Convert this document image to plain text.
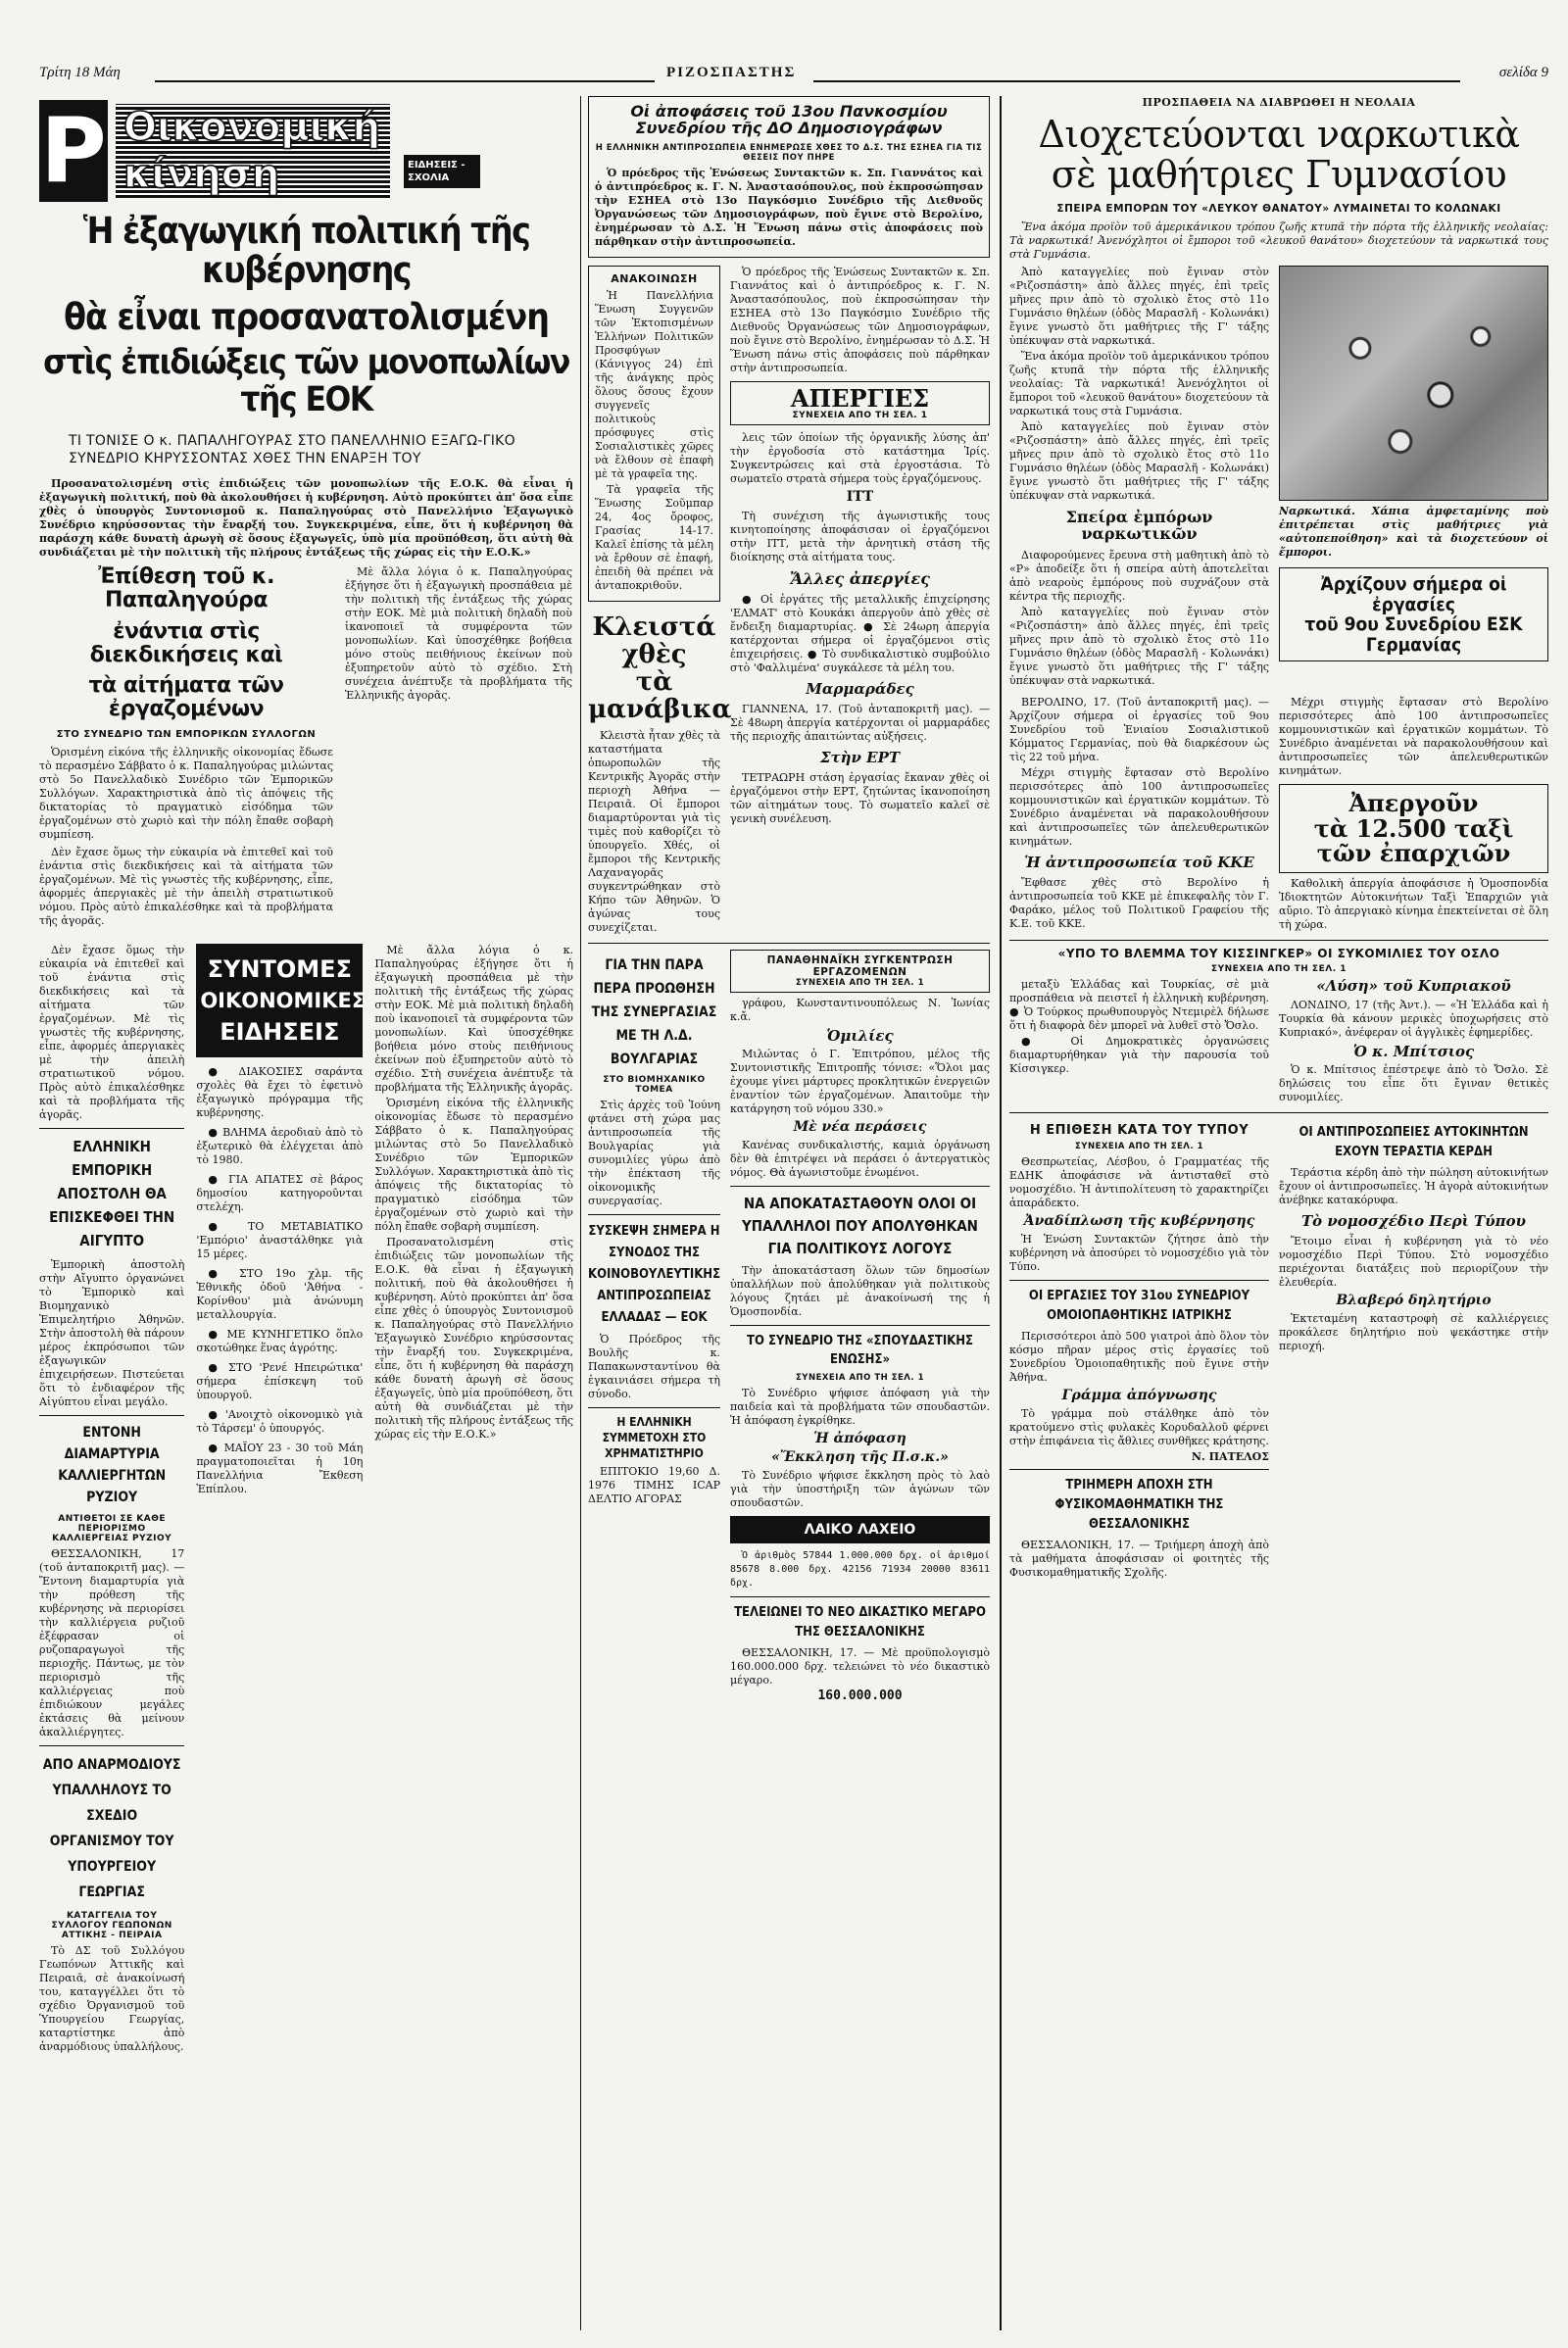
Τρίτη 18 Μάη	ΡΙΖΟΣΠΑΣΤΗΣ	σελίδα 9
Ρ Οικονομική κίνηση	ΕΙΔΗΣΕΙΣ - ΣΧΟΛΙΑ
Ἡ ἐξαγωγική πολιτική τῆς κυβέρνησης
θὰ εἶναι προσανατολισμένη
στὶς ἐπιδιώξεις τῶν μονοπωλίων τῆς ΕΟΚ
ΤΙ ΤΟΝΙΣΕ Ο κ. ΠΑΠΑΛΗΓΟΥΡΑΣ ΣΤΟ ΠΑΝΕΛΛΗΝΙΟ ΕΞΑΓΩ-ΓΙΚΟ ΣΥΝΕΔΡΙΟ ΚΗΡΥΣΣΟΝΤΑΣ ΧΘΕΣ ΤΗΝ ΕΝΑΡΞΗ ΤΟΥ

Προσανατολισμένη στὶς ἐπιδιώξεις τῶν μονοπωλίων τῆς Ε.Ο.Κ. θὰ εἶναι ἡ ἐξαγωγικὴ πολιτική, ποὺ θὰ ἀκολουθήσει ἡ κυβέρνηση. Αὐτὸ προκύπτει ἀπ' ὅσα εἶπε χθὲς ὁ ὑπουργὸς Συντονισμοῦ κ. Παπαληγούρας στὸ Πανελλήνιο Ἐξαγωγικὸ Συνέδριο κηρύσσοντας τὴν ἔναρξή του. Συγκεκριμένα, εἶπε, ὅτι ἡ κυβέρνηση θὰ παράσχη κάθε δυνατὴ ἀρωγὴ σὲ ὅσους ἐξαγωγεῖς, ὑπὸ μία προϋπόθεση, ὅτι αὐτὴ θὰ συνδιάζεται μὲ τὴν πολιτικὴ τῆς πλήρους ἐντάξεως τῆς χώρας εἰς τὴν Ε.Ο.Κ.»

Ἐπίθεση τοῦ κ. Παπαληγούρα
ἐνάντια στὶς διεκδικήσεις καὶ
τὰ αἰτήματα τῶν ἐργαζομένων
ΣΤΟ ΣΥΝΕΔΡΙΟ ΤΩΝ ΕΜΠΟΡΙΚΩΝ ΣΥΛΛΟΓΩΝ

Ὁρισμένη εἰκόνα τῆς ἑλληνικῆς οἰκονομίας ἔδωσε τὸ περασμένο Σάββατο ὁ κ. Παπαληγούρας μιλώντας στὸ 5ο Πανελλαδικὸ Συνέδριο τῶν Ἐμπορικῶν Συλλόγων. Χαρακτηριστικὰ ἀπὸ τὶς ἀπόψεις τῆς δικτατορίας τὸ πραγματικὸ εἰσόδημα τῶν ἐργαζομένων στὸ χωριὸ καὶ τὴν πόλη ἔπαθε σοβαρὴ συμπίεση.

Δὲν ἔχασε ὅμως τὴν εὐκαιρία νὰ ἐπιτεθεῖ καὶ τοῦ ἐνάντια στὶς διεκδικήσεις καὶ τὰ αἰτήματα τῶν ἐργαζομένων. Μὲ τὶς γνωστὲς τῆς κυβέρνησης, εἶπε, ἀφορμές ἀπεργιακὲς μὲ τὴν ἀπειλὴ στρατιωτικοῦ νόμου. Πρὸς αὐτὸ ἐπικαλέσθηκε καὶ τὰ προβλήματα τῆς ἀγορᾶς.

Μὲ ἄλλα λόγια ὁ κ. Παπαληγούρας ἐξήγησε ὅτι ἡ ἐξαγωγικὴ προσπάθεια μὲ τὴν πολιτικὴ τῆς ἐντάξεως τῆς χώρας στὴν ΕΟΚ. Μὲ μιὰ πολιτικὴ δηλαδὴ ποὺ ἱκανοποιεῖ τὰ συμφέροντα τῶν μονοπωλίων. Καὶ ὑποσχέθηκε βοήθεια μόνο στοὺς πειθήνιους ἐκείνων ποὺ ἐξυπηρετοῦν αὐτὸ τὸ σχέδιο. Στὴ συνέχεια ἀνέπτυξε τὰ προβλήματα τῆς Ἑλληνικῆς ἀγορᾶς.

Δὲν ἔχασε ὅμως τὴν εὐκαιρία νὰ ἐπιτεθεῖ καὶ τοῦ ἐνάντια στὶς διεκδικήσεις καὶ τὰ αἰτήματα τῶν ἐργαζομένων. Μὲ τὶς γνωστὲς τῆς κυβέρνησης, εἶπε, ἀφορμές ἀπεργιακὲς μὲ τὴν ἀπειλὴ στρατιωτικοῦ νόμου. Πρὸς αὐτὸ ἐπικαλέσθηκε καὶ τὰ προβλήματα τῆς ἀγορᾶς.

ΕΛΛΗΝΙΚΗ ΕΜΠΟΡΙΚΗ ΑΠΟΣΤΟΛΗ ΘΑ ΕΠΙΣΚΕΦΘΕΙ ΤΗΝ ΑΙΓΥΠΤΟ

Ἐμπορικὴ ἀποστολὴ στὴν Αἴγυπτο ὀργανώνει τὸ Ἐμπορικὸ καὶ Βιομηχανικὸ Ἐπιμελητήριο Ἀθηνῶν. Στὴν ἀποστολὴ θὰ πάρουν μέρος ἐκπρόσωποι τῶν ἐξαγωγικῶν ἐπιχειρήσεων. Πιστεύεται ὅτι τὸ ἐνδιαφέρον τῆς Αἰγύπτου εἶναι μεγάλο.

ΕΝΤΟΝΗ ΔΙΑΜΑΡΤΥΡΙΑ ΚΑΛΛΙΕΡΓΗΤΩΝ ΡΥΖΙΟΥ
ΑΝΤΙΘΕΤΟΙ ΣΕ ΚΑΘΕ ΠΕΡΙΟΡΙΣΜΟ ΚΑΛΛΙΕΡΓΕΙΑΣ ΡΥΖΙΟΥ

ΘΕΣΣΑΛΟΝΙΚΗ, 17 (τοῦ ἀνταποκριτῆ μας). — Ἔντονη διαμαρτυρία γιὰ τὴν πρόθεση τῆς κυβέρνησης νὰ περιορίσει τὴν καλλιέργεια ρυζιοῦ ἐξέφρασαν οἱ ρυζοπαραγωγοὶ τῆς περιοχῆς. Πάντως, με τὸν περιορισμὸ τῆς καλλιέργειας ποὺ ἐπιδιώκουν μεγάλες ἐκτάσεις θὰ μείνουν ἀκαλλιέργητες.

ΑΠΟ ΑΝΑΡΜΟΔΙΟΥΣ ΥΠΑΛΛΗΛΟΥΣ ΤΟ ΣΧΕΔΙΟ ΟΡΓΑΝΙΣΜΟΥ ΤΟΥ ΥΠΟΥΡΓΕΙΟΥ ΓΕΩΡΓΙΑΣ
ΚΑΤΑΓΓΕΛΙΑ ΤΟΥ ΣΥΛΛΟΓΟΥ ΓΕΩΠΟΝΩΝ ΑΤΤΙΚΗΣ - ΠΕΙΡΑΙΑ

Τὸ ΔΣ τοῦ Συλλόγου Γεωπόνων Ἀττικῆς καὶ Πειραιᾶ, σὲ ἀνακοίνωσή του, καταγγέλλει ὅτι τὸ σχέδιο Ὀργανισμοῦ τοῦ Ὑπουργείου Γεωργίας, καταρτίστηκε ἀπὸ ἀναρμόδιους ὑπαλλήλους.

ΣΥΝΤΟΜΕΣ
ΟΙΚΟΝΟΜΙΚΕΣ
ΕΙΔΗΣΕΙΣ

● ΔΙΑΚΟΣΙΕΣ σαράντα σχολὲς θὰ ἔχει τὸ ἐφετινὸ ἐξαγωγικὸ πρόγραμμα τῆς κυβέρνησης.

● ΒΛΗΜΑ ἀεροδιαὺ ἀπὸ τὸ ἐξωτερικὸ θὰ ἐλέγχεται ἀπὸ τὸ 1980.

● ΓΙΑ ΑΠΑΤΕΣ σὲ βάρος δημοσίου κατηγοροῦνται στελέχη.

● ΤΟ ΜΕΤΑΒΙΑΤΙΚΟ 'Εμπόριο' ἀναστάλθηκε γιὰ 15 μέρες.

● ΣΤΟ 19ο χλμ. τῆς Ἐθνικῆς ὁδοῦ 'Ἀθήνα - Κορίνθου' μιὰ ἀνώνυμη μεταλλουργία.

● ΜΕ ΚΥΝΗΓΕΤΙΚΟ ὅπλο σκοτώθηκε ἕνας ἀγρότης.

● ΣΤΟ 'Ρενέ Ηπειρώτικα' σήμερα ἐπίσκεψη τοῦ ὑπουργοῦ.

● 'Ανοιχτὸ οἰκονομικὸ γιὰ τὸ Τάρσεμ' ὁ ὑπουργός.

● ΜΑΪΟΥ 23 - 30 τοῦ Μάη πραγματοποιεῖται ἡ 10η Πανελλήνια Ἔκθεση Ἐπίπλου.

Μὲ ἄλλα λόγια ὁ κ. Παπαληγούρας ἐξήγησε ὅτι ἡ ἐξαγωγικὴ προσπάθεια μὲ τὴν πολιτικὴ τῆς ἐντάξεως τῆς χώρας στὴν ΕΟΚ. Μὲ μιὰ πολιτικὴ δηλαδὴ ποὺ ἱκανοποιεῖ τὰ συμφέροντα τῶν μονοπωλίων. Καὶ ὑποσχέθηκε βοήθεια μόνο στοὺς πειθήνιους ἐκείνων ποὺ ἐξυπηρετοῦν αὐτὸ τὸ σχέδιο. Στὴ συνέχεια ἀνέπτυξε τὰ προβλήματα τῆς Ἑλληνικῆς ἀγορᾶς.

Ὁρισμένη εἰκόνα τῆς ἑλληνικῆς οἰκονομίας ἔδωσε τὸ περασμένο Σάββατο ὁ κ. Παπαληγούρας μιλώντας στὸ 5ο Πανελλαδικὸ Συνέδριο τῶν Ἐμπορικῶν Συλλόγων. Χαρακτηριστικὰ ἀπὸ τὶς ἀπόψεις τῆς δικτατορίας τὸ πραγματικὸ εἰσόδημα τῶν ἐργαζομένων στὸ χωριὸ καὶ τὴν πόλη ἔπαθε σοβαρὴ συμπίεση.

Προσανατολισμένη στὶς ἐπιδιώξεις τῶν μονοπωλίων τῆς Ε.Ο.Κ. θὰ εἶναι ἡ ἐξαγωγικὴ πολιτική, ποὺ θὰ ἀκολουθήσει ἡ κυβέρνηση. Αὐτὸ προκύπτει ἀπ' ὅσα εἶπε χθὲς ὁ ὑπουργὸς Συντονισμοῦ κ. Παπαληγούρας στὸ Πανελλήνιο Ἐξαγωγικὸ Συνέδριο κηρύσσοντας τὴν ἔναρξή του. Συγκεκριμένα, εἶπε, ὅτι ἡ κυβέρνηση θὰ παράσχη κάθε δυνατὴ ἀρωγὴ σὲ ὅσους ἐξαγωγεῖς, ὑπὸ μία προϋπόθεση, ὅτι αὐτὴ θὰ συνδιάζεται μὲ τὴν πολιτικὴ τῆς πλήρους ἐντάξεως τῆς χώρας εἰς τὴν Ε.Ο.Κ.»

Οἱ ἀποφάσεις τοῦ 13ου Πανκοσμίου
Συνεδρίου τῆς ΔΟ Δημοσιογράφων
Η ΕΛΛΗΝΙΚΗ ΑΝΤΙΠΡΟΣΩΠΕΙΑ ΕΝΗΜΕΡΩΣΕ ΧΘΕΣ ΤΟ Δ.Σ. ΤΗΣ ΕΣΗΕΑ ΓΙΑ ΤΙΣ ΘΕΣΕΙΣ ΠΟΥ ΠΗΡΕ

Ὁ πρόεδρος τῆς Ἑνώσεως Συντακτῶν κ. Σπ. Γιαννάτος καὶ ὁ ἀντιπρόεδρος κ. Γ. Ν. Ἀναστασόπουλος, ποὺ ἐκπροσώπησαν τὴν ΕΣΗΕΑ στὸ 13ο Παγκόσμιο Συνέδριο τῆς Διεθνοῦς Ὀργανώσεως τῶν Δημοσιογράφων, ποὺ ἔγινε στὸ Βερολίνο, ἐνημέρωσαν τὸ Δ.Σ. Ἡ Ἕνωση πάνω στὶς ἀποφάσεις ποὺ πάρθηκαν στὴν ἀντιπροσωπεία.

ΑΝΑΚΟΙΝΩΣΗ

Ἡ Πανελλήνια Ἕνωση Συγγενῶν τῶν Ἐκτοπισμένων Ἑλλήνων Πολιτικῶν Προσφύγων (Κάνιγγος 24) ἐπὶ τῆς ἀνάγκης πρὸς ὅλους ὅσους ἔχουν συγγενεῖς πολιτικοὺς πρόσφυγες στὶς Σοσιαλιστικὲς χῶρες νὰ ἔλθουν σὲ ἐπαφὴ μὲ τὰ γραφεῖα της.

Τὰ γραφεῖα τῆς Ἕνωσης Σοῦμπαρ 24, 4ος ὄροφος, Γρασίας 14-17. Καλεῖ ἐπίσης τὰ μέλη νὰ ἔρθουν σὲ ἐπαφή, ἐπειδὴ θὰ πρέπει νὰ ἀνταποκριθοῦν.

Κλειστά χθὲς
τὰ μανάβικα

Κλειστὰ ἦταν χθὲς τὰ καταστήματα ὀπωροπωλῶν τῆς Κεντρικῆς Ἀγορᾶς στὴν περιοχὴ Ἀθήνα — Πειραιᾶ. Οἱ ἔμποροι διαμαρτύρονται γιὰ τὶς τιμὲς ποὺ καθορίζει τὸ ὑπουργεῖο. Χθές, οἱ ἔμποροι τῆς Κεντρικῆς Λαχαναγορᾶς συγκεντρώθηκαν στὸ Κήπο τῶν Ἀθηνῶν. Ὁ ἀγώνας τους συνεχίζεται.

Ὁ πρόεδρος τῆς Ἑνώσεως Συντακτῶν κ. Σπ. Γιαννάτος καὶ ὁ ἀντιπρόεδρος κ. Γ. Ν. Ἀναστασόπουλος, ποὺ ἐκπροσώπησαν τὴν ΕΣΗΕΑ στὸ 13ο Παγκόσμιο Συνέδριο τῆς Διεθνοῦς Ὀργανώσεως τῶν Δημοσιογράφων, ποὺ ἔγινε στὸ Βερολίνο, ἐνημέρωσαν τὸ Δ.Σ. Ἡ Ἕνωση πάνω στὶς ἀποφάσεις ποὺ πάρθηκαν στὴν ἀντιπροσωπεία.

ΑΠΕΡΓΙΕΣ
ΣΥΝΕΧΕΙΑ ΑΠΟ ΤΗ ΣΕΛ. 1

λεις τῶν ὁποίων τῆς ὀργανικῆς λύσης ἀπ' τὴν ἐργοδοσία στὸ κατάστημα Ἰρίς. Συγκεντρώσεις καὶ στὰ ἐργοστάσια. Τὸ σωματεῖο στρατὰ σήμερα τοὺς ἐργαζόμενους.

ΙΤΤ

Τὴ συνέχιση τῆς ἀγωνιστικῆς τους κινητοποίησης ἀποφάσισαν οἱ ἐργαζόμενοι στὴν ΙΤΤ, μετὰ τὴν ἀρνητικὴ στάση τῆς διοίκησης στὰ αἰτήματα τους.

Ἄλλες ἀπεργίες

● Οἱ ἐργάτες τῆς μεταλλικῆς ἐπιχείρησης 'ΕΛΜΑΤ' στὸ Κουκάκι ἀπεργοῦν ἀπὸ χθὲς σὲ ἔνδειξη διαμαρτυρίας. ● Σὲ 24ωρη ἀπεργία κατέρχονται σήμερα οἱ ἐργαζόμενοι στὶς ἐπιχειρήσεις. ● Τὸ συνδικαλιστικὸ συμβούλιο στὸ 'Φαλλιμένα' συγκάλεσε τὰ μέλη του.

Μαρμαράδες

ΓΙΑΝΝΕΝΑ, 17. (Τοῦ ἀνταποκριτῆ μας). — Σὲ 48ωρη ἀπεργία κατέρχονται οἱ μαρμαράδες τῆς περιοχῆς ἀπαιτώντας αὐξήσεις.

Στὴν ΕΡΤ

ΤΕΤΡΑΩΡΗ στάση ἐργασίας ἔκαναν χθὲς οἱ ἐργαζόμενοι στὴν ΕΡΤ, ζητώντας ἱκανοποίηση τῶν αἰτημάτων τους. Τὸ σωματεῖο καλεῖ σὲ γενικὴ συνέλευση.

ΓΙΑ ΤΗΝ ΠΑΡΑ ΠΕΡΑ ΠΡΟΩΘΗΣΗ ΤΗΣ ΣΥΝΕΡΓΑΣΙΑΣ ΜΕ ΤΗ Λ.Δ. ΒΟΥΛΓΑΡΙΑΣ
ΣΤΟ ΒΙΟΜΗΧΑΝΙΚΟ ΤΟΜΕΑ

Στὶς ἀρχὲς τοῦ Ἰούνη φτάνει στὴ χώρα μας ἀντιπροσωπεία τῆς Βουλγαρίας γιὰ συνομιλίες γύρω ἀπὸ τὴν ἐπέκταση τῆς οἰκονομικῆς συνεργασίας.

ΣΥΣΚΕΨΗ ΣΗΜΕΡΑ Η ΣΥΝΟΔΟΣ ΤΗΣ ΚΟΙΝΟΒΟΥΛΕΥΤΙΚΗΣ ΑΝΤΙΠΡΟΣΩΠΕΙΑΣ ΕΛΛΑΔΑΣ — ΕΟΚ

Ὁ Πρόεδρος τῆς Βουλῆς κ. Παπακωνσταντίνου θὰ ἐγκαινιάσει σήμερα τὴ σύνοδο.

Η ΕΛΛΗΝΙΚΗ ΣΥΜΜΕΤΟΧΗ ΣΤΟ ΧΡΗΜΑΤΙΣΤΗΡΙΟ

ΕΠΙΤΟΚΙΟ 19,60 Δ. 1976 ΤΙΜΗΣ ICAP ΔΕΛΤΙΟ ΑΓΟΡΑΣ

ΠΑΝΑΘΗΝΑΪΚΗ ΣΥΓΚΕΝΤΡΩΣΗ ΕΡΓΑΖΟΜΕΝΩΝ
ΣΥΝΕΧΕΙΑ ΑΠΟ ΤΗ ΣΕΛ. 1

γράφου, Κωνσταντινουπόλεως Ν. Ἰωνίας κ.ἄ.

Ὁμιλίες

Μιλώντας ὁ Γ. Ἐπιτρόπου, μέλος τῆς Συντονιστικῆς Ἐπιτροπῆς τόνισε: «Ὅλοι μας ἐχουμε γίνει μάρτυρες προκλητικῶν ἐνεργειῶν ἐναντίον τῶν ἐργαζομένων. Ἀπαιτοῦμε τὴν κατάργηση τοῦ νόμου 330.»

Μὲ νέα περάσεις

Κανένας συνδικαλιστής, καμιὰ ὀργάνωση δὲν θὰ ἐπιτρέψει νὰ περάσει ὁ ἀντεργατικὸς νόμος. Θὰ ἀγωνιστοῦμε ἑνωμένοι.

ΝΑ ΑΠΟΚΑΤΑΣΤΑΘΟΥΝ ΟΛΟΙ ΟΙ ΥΠΑΛΛΗΛΟΙ ΠΟΥ ΑΠΟΛΥΘΗΚΑΝ ΓΙΑ ΠΟΛΙΤΙΚΟΥΣ ΛΟΓΟΥΣ

Τὴν ἀποκατάσταση ὅλων τῶν δημοσίων ὑπαλλήλων ποὺ ἀπολύθηκαν γιὰ πολιτικοὺς λόγους ζητάει μὲ ἀνακοίνωσή της ἡ Ὁμοσπονδία.

ΤΟ ΣΥΝΕΔΡΙΟ ΤΗΣ «ΣΠΟΥΔΑΣΤΙΚΗΣ ΕΝΩΣΗΣ»
ΣΥΝΕΧΕΙΑ ΑΠΟ ΤΗ ΣΕΛ. 1

Τὸ Συνέδριο ψήφισε ἀπόφαση γιὰ τὴν παιδεία καὶ τὰ προβλήματα τῶν σπουδαστῶν. Ἡ ἀπόφαση ἐγκρίθηκε.

Ἡ ἀπόφαση
«Ἔκκληση τῆς Π.σ.κ.»

Τὸ Συνέδριο ψήφισε ἔκκληση πρὸς τὸ λαὸ γιὰ τὴν ὑποστήριξη τῶν ἀγώνων τῶν σπουδαστῶν.

ΛΑΙΚΟ ΛΑΧΕΙΟ

Ὁ ἀριθμὸς 57844 1.000.000 δρχ. οἱ ἀριθμοί 85678 8.000 δρχ. 42156 71934 20000 83611 δρχ.

ΤΕΛΕΙΩΝΕΙ ΤΟ ΝΕΟ ΔΙΚΑΣΤΙΚΟ ΜΕΓΑΡΟ ΤΗΣ ΘΕΣΣΑΛΟΝΙΚΗΣ

ΘΕΣΣΑΛΟΝΙΚΗ, 17. — Μὲ προϋπολογισμὸ 160.000.000 δρχ. τελειώνει τὸ νέο δικαστικὸ μέγαρο.

160.000.000
ΠΡΟΣΠΑΘΕΙΑ ΝΑ ΔΙΑΒΡΩΘΕΙ Η ΝΕΟΛΑΙΑ
Διοχετεύονται ναρκωτικὰ
σὲ μαθήτριες Γυμνασίου
ΣΠΕΙΡΑ ΕΜΠΟΡΩΝ ΤΟΥ «ΛΕΥΚΟΥ ΘΑΝΑΤΟΥ» ΛΥΜΑΙΝΕΤΑΙ ΤΟ ΚΟΛΩΝΑΚΙ

Ἕνα ἀκόμα προϊὸν τοῦ ἀμερικάνικου τρόπου ζωῆς κτυπᾶ τὴν πόρτα τῆς ἑλληνικῆς νεολαίας: Τὰ ναρκωτικά! Ἀνενόχλητοι οἱ ἔμποροι τοῦ «λευκοῦ θανάτου» διοχετεύουν τὰ ναρκωτικά τους στὰ Γυμνάσια.

Ἀπὸ καταγγελίες ποὺ ἔγιναν στὸν «Ριζοσπάστη» ἀπὸ ἄλλες πηγές, ἐπὶ τρεῖς μῆνες πριν ἀπὸ τὸ σχολικὸ ἔτος στὸ 11ο Γυμνάσιο θηλέων (ὁδὸς Μαρασλῆ - Κολωνάκι) ἔγινε γνωστὸ ὅτι μαθήτριες τῆς Γ' τάξης ὑπέκυψαν στὰ ναρκωτικά.

Ἕνα ἀκόμα προϊὸν τοῦ ἀμερικάνικου τρόπου ζωῆς κτυπᾶ τὴν πόρτα τῆς ἑλληνικῆς νεολαίας: Τὰ ναρκωτικά! Ἀνενόχλητοι οἱ ἔμποροι τοῦ «λευκοῦ θανάτου» διοχετεύουν τὰ ναρκωτικά τους στὰ Γυμνάσια.

Ἀπὸ καταγγελίες ποὺ ἔγιναν στὸν «Ριζοσπάστη» ἀπὸ ἄλλες πηγές, ἐπὶ τρεῖς μῆνες πριν ἀπὸ τὸ σχολικὸ ἔτος στὸ 11ο Γυμνάσιο θηλέων (ὁδὸς Μαρασλῆ - Κολωνάκι) ἔγινε γνωστὸ ὅτι μαθήτριες τῆς Γ' τάξης ὑπέκυψαν στὰ ναρκωτικά.

Σπείρα ἐμπόρων ναρκωτικῶν

Διαφορούμενες ἔρευνα στὴ μαθητικὴ ἀπὸ τὸ «Ρ» ἀποδείξε ὅτι ἡ σπείρα αὐτὴ ἀποτελεῖται ἀπὸ νεαροὺς ἐμπόρους ποὺ συχνάζουν στὰ κέντρα τῆς περιοχῆς.

Ἀπὸ καταγγελίες ποὺ ἔγιναν στὸν «Ριζοσπάστη» ἀπὸ ἄλλες πηγές, ἐπὶ τρεῖς μῆνες πριν ἀπὸ τὸ σχολικὸ ἔτος στὸ 11ο Γυμνάσιο θηλέων (ὁδὸς Μαρασλῆ - Κολωνάκι) ἔγινε γνωστὸ ὅτι μαθήτριες τῆς Γ' τάξης ὑπέκυψαν στὰ ναρκωτικά.

Ναρκωτικά. Χάπια ἀμφεταμίνης ποὺ ἐπιτρέπεται στὶς μαθήτριες γιὰ «αὐτοπεποίθηση» καὶ τὰ διοχετεύουν οἱ ἔμποροι.

Ἀρχίζουν σήμερα οἱ ἐργασίες
τοῦ 9ου Συνεδρίου ΕΣΚ Γερμανίας

ΒΕΡΟΛΙΝΟ, 17. (Τοῦ ἀνταποκριτῆ μας). — Ἀρχίζουν σήμερα οἱ ἐργασίες τοῦ 9ου Συνεδρίου τοῦ Ἑνιαίου Σοσιαλιστικοῦ Κόμματος Γερμανίας, ποὺ θὰ διαρκέσουν ὡς τὶς 22 τοῦ μήνα.

Μέχρι στιγμὴς ἔφτασαν στὸ Βερολίνο περισσότερες ἀπὸ 100 ἀντιπροσωπεῖες κομμουνιστικῶν καὶ ἐργατικῶν κομμάτων. Τὸ Συνέδριο ἀναμένεται νὰ παρακολουθήσουν καὶ ἀντιπροσωπεῖες τῶν ἀπελευθερωτικῶν κινημάτων.

Ἡ ἀντιπροσωπεία τοῦ ΚΚΕ

Ἔφθασε χθὲς στὸ Βερολίνο ἡ ἀντιπροσωπεία τοῦ ΚΚΕ μὲ ἐπικεφαλῆς τὸν Γ. Φαράκο, μέλος τοῦ Πολιτικοῦ Γραφείου τῆς Κ.Ε. τοῦ ΚΚΕ.

Μέχρι στιγμὴς ἔφτασαν στὸ Βερολίνο περισσότερες ἀπὸ 100 ἀντιπροσωπεῖες κομμουνιστικῶν καὶ ἐργατικῶν κομμάτων. Τὸ Συνέδριο ἀναμένεται νὰ παρακολουθήσουν καὶ ἀντιπροσωπεῖες τῶν ἀπελευθερωτικῶν κινημάτων.

Ἀπεργοῦν
τὰ 12.500 ταξὶ
τῶν ἐπαρχιῶν

Καθολικὴ ἀπεργία ἀποφάσισε ἡ Ὁμοσπονδία Ἰδιοκτητῶν Αὐτοκινήτων Ταξὶ Ἐπαρχιῶν γιὰ αὔριο. Τὸ ἀπεργιακὸ κίνημα ἐπεκτείνεται σὲ ὅλη τὴ χώρα.

«ΥΠΟ ΤΟ ΒΛΕΜΜΑ ΤΟΥ ΚΙΣΣΙΝΓΚΕΡ» ΟΙ ΣΥΚΟΜΙΛΙΕΣ ΤΟΥ ΟΣΛΟ
ΣΥΝΕΧΕΙΑ ΑΠΟ ΤΗ ΣΕΛ. 1

μεταξὺ Ἑλλάδας καὶ Τουρκίας, σὲ μιὰ προσπάθεια νὰ πειστεῖ ἡ ἑλληνικὴ κυβέρνηση. ● Ὁ Τούρκος πρωθυπουργὸς Ντεμιρὲλ δήλωσε ὅτι ἡ διαφορὰ δὲν μπορεῖ νὰ λυθεῖ στὸ Ὄσλο.

● Οἱ Δημοκρατικὲς ὀργανώσεις διαμαρτυρήθηκαν γιὰ τὴν παρουσία τοῦ Κίσσιγκερ.

«Λύση» τοῦ Κυπριακοῦ

ΛΟΝΔΙΝΟ, 17 (τῆς Ἀντ.). — «Ἡ Ἑλλάδα καὶ ἡ Τουρκία θὰ κάνουν μερικὲς ὑποχωρήσεις στὸ Κυπριακό», ἀνέφεραν οἱ ἀγγλικὲς ἐφημερίδες.

Ὁ κ. Μπίτσιος

Ὁ κ. Μπίτσιος ἐπέστρεψε ἀπὸ τὸ Ὄσλο. Σὲ δηλώσεις του εἶπε ὅτι ἔγιναν θετικὲς συνομιλίες.

Η ΕΠΙΘΕΣΗ ΚΑΤΑ ΤΟΥ ΤΥΠΟΥ
ΣΥΝΕΧΕΙΑ ΑΠΟ ΤΗ ΣΕΛ. 1

Θεσπρωτείας, Λέσβου, ὁ Γραμματέας τῆς ΕΔΗΚ ἀποφάσισε νὰ ἀντισταθεῖ στὸ νομοσχέδιο. Ἡ ἀντιπολίτευση τὸ χαρακτηρίζει ἀπαράδεκτο.

Ἀναδίπλωση τῆς κυβέρνησης

Ἡ Ἑνώση Συντακτῶν ζήτησε ἀπὸ τὴν κυβέρνηση νὰ ἀποσύρει τὸ νομοσχέδιο γιὰ τὸν Τύπο.

ΟΙ ΕΡΓΑΣΙΕΣ ΤΟΥ 31ου ΣΥΝΕΔΡΙΟΥ ΟΜΟΙΟΠΑΘΗΤΙΚΗΣ ΙΑΤΡΙΚΗΣ

Περισσότεροι ἀπὸ 500 γιατροὶ ἀπὸ ὅλον τὸν κόσμο πῆραν μέρος στὶς ἐργασίες τοῦ Συνεδρίου Ὁμοιοπαθητικῆς ποὺ ἔγινε στὴν Ἀθήνα.

Γράμμα ἀπόγνωσης

Τὸ γράμμα ποὺ στάλθηκε ἀπὸ τὸν κρατούμενο στὶς φυλακὲς Κορυδαλλοῦ φέρνει στὴν ἐπιφάνεια τὶς ἄθλιες συνθῆκες κράτησης.

Ν. ΠΑΤΕΛΟΣ
ΤΡΙΗΜΕΡΗ ΑΠΟΧΗ ΣΤΗ ΦΥΣΙΚΟΜΑΘΗΜΑΤΙΚΗ ΤΗΣ ΘΕΣΣΑΛΟΝΙΚΗΣ

ΘΕΣΣΑΛΟΝΙΚΗ, 17. — Τριήμερη ἀποχὴ ἀπὸ τὰ μαθήματα ἀποφάσισαν οἱ φοιτητὲς τῆς Φυσικομαθηματικῆς Σχολῆς.

ΟΙ ΑΝΤΙΠΡΟΣΩΠΕΙΕΣ ΑΥΤΟΚΙΝΗΤΩΝ ΕΧΟΥΝ ΤΕΡΑΣΤΙΑ ΚΕΡΔΗ

Τεράστια κέρδη ἀπὸ τὴν πώληση αὐτοκινήτων ἔχουν οἱ ἀντιπροσωπεῖες. Ἡ ἀγορὰ αὐτοκινήτων ἀνέβηκε κατακόρυφα.

Τὸ νομοσχέδιο Περὶ Τύπου

Ἔτοιμο εἶναι ἡ κυβέρνηση γιὰ τὸ νέο νομοσχέδιο Περὶ Τύπου. Στὸ νομοσχέδιο περιέχονται διατάξεις ποὺ περιορίζουν τὴν ἐλευθερία.

Βλαβερό δηλητήριο

Ἐκτεταμένη καταστροφὴ σὲ καλλιέργειες προκάλεσε δηλητήριο ποὺ ψεκάστηκε στὴν περιοχή.
